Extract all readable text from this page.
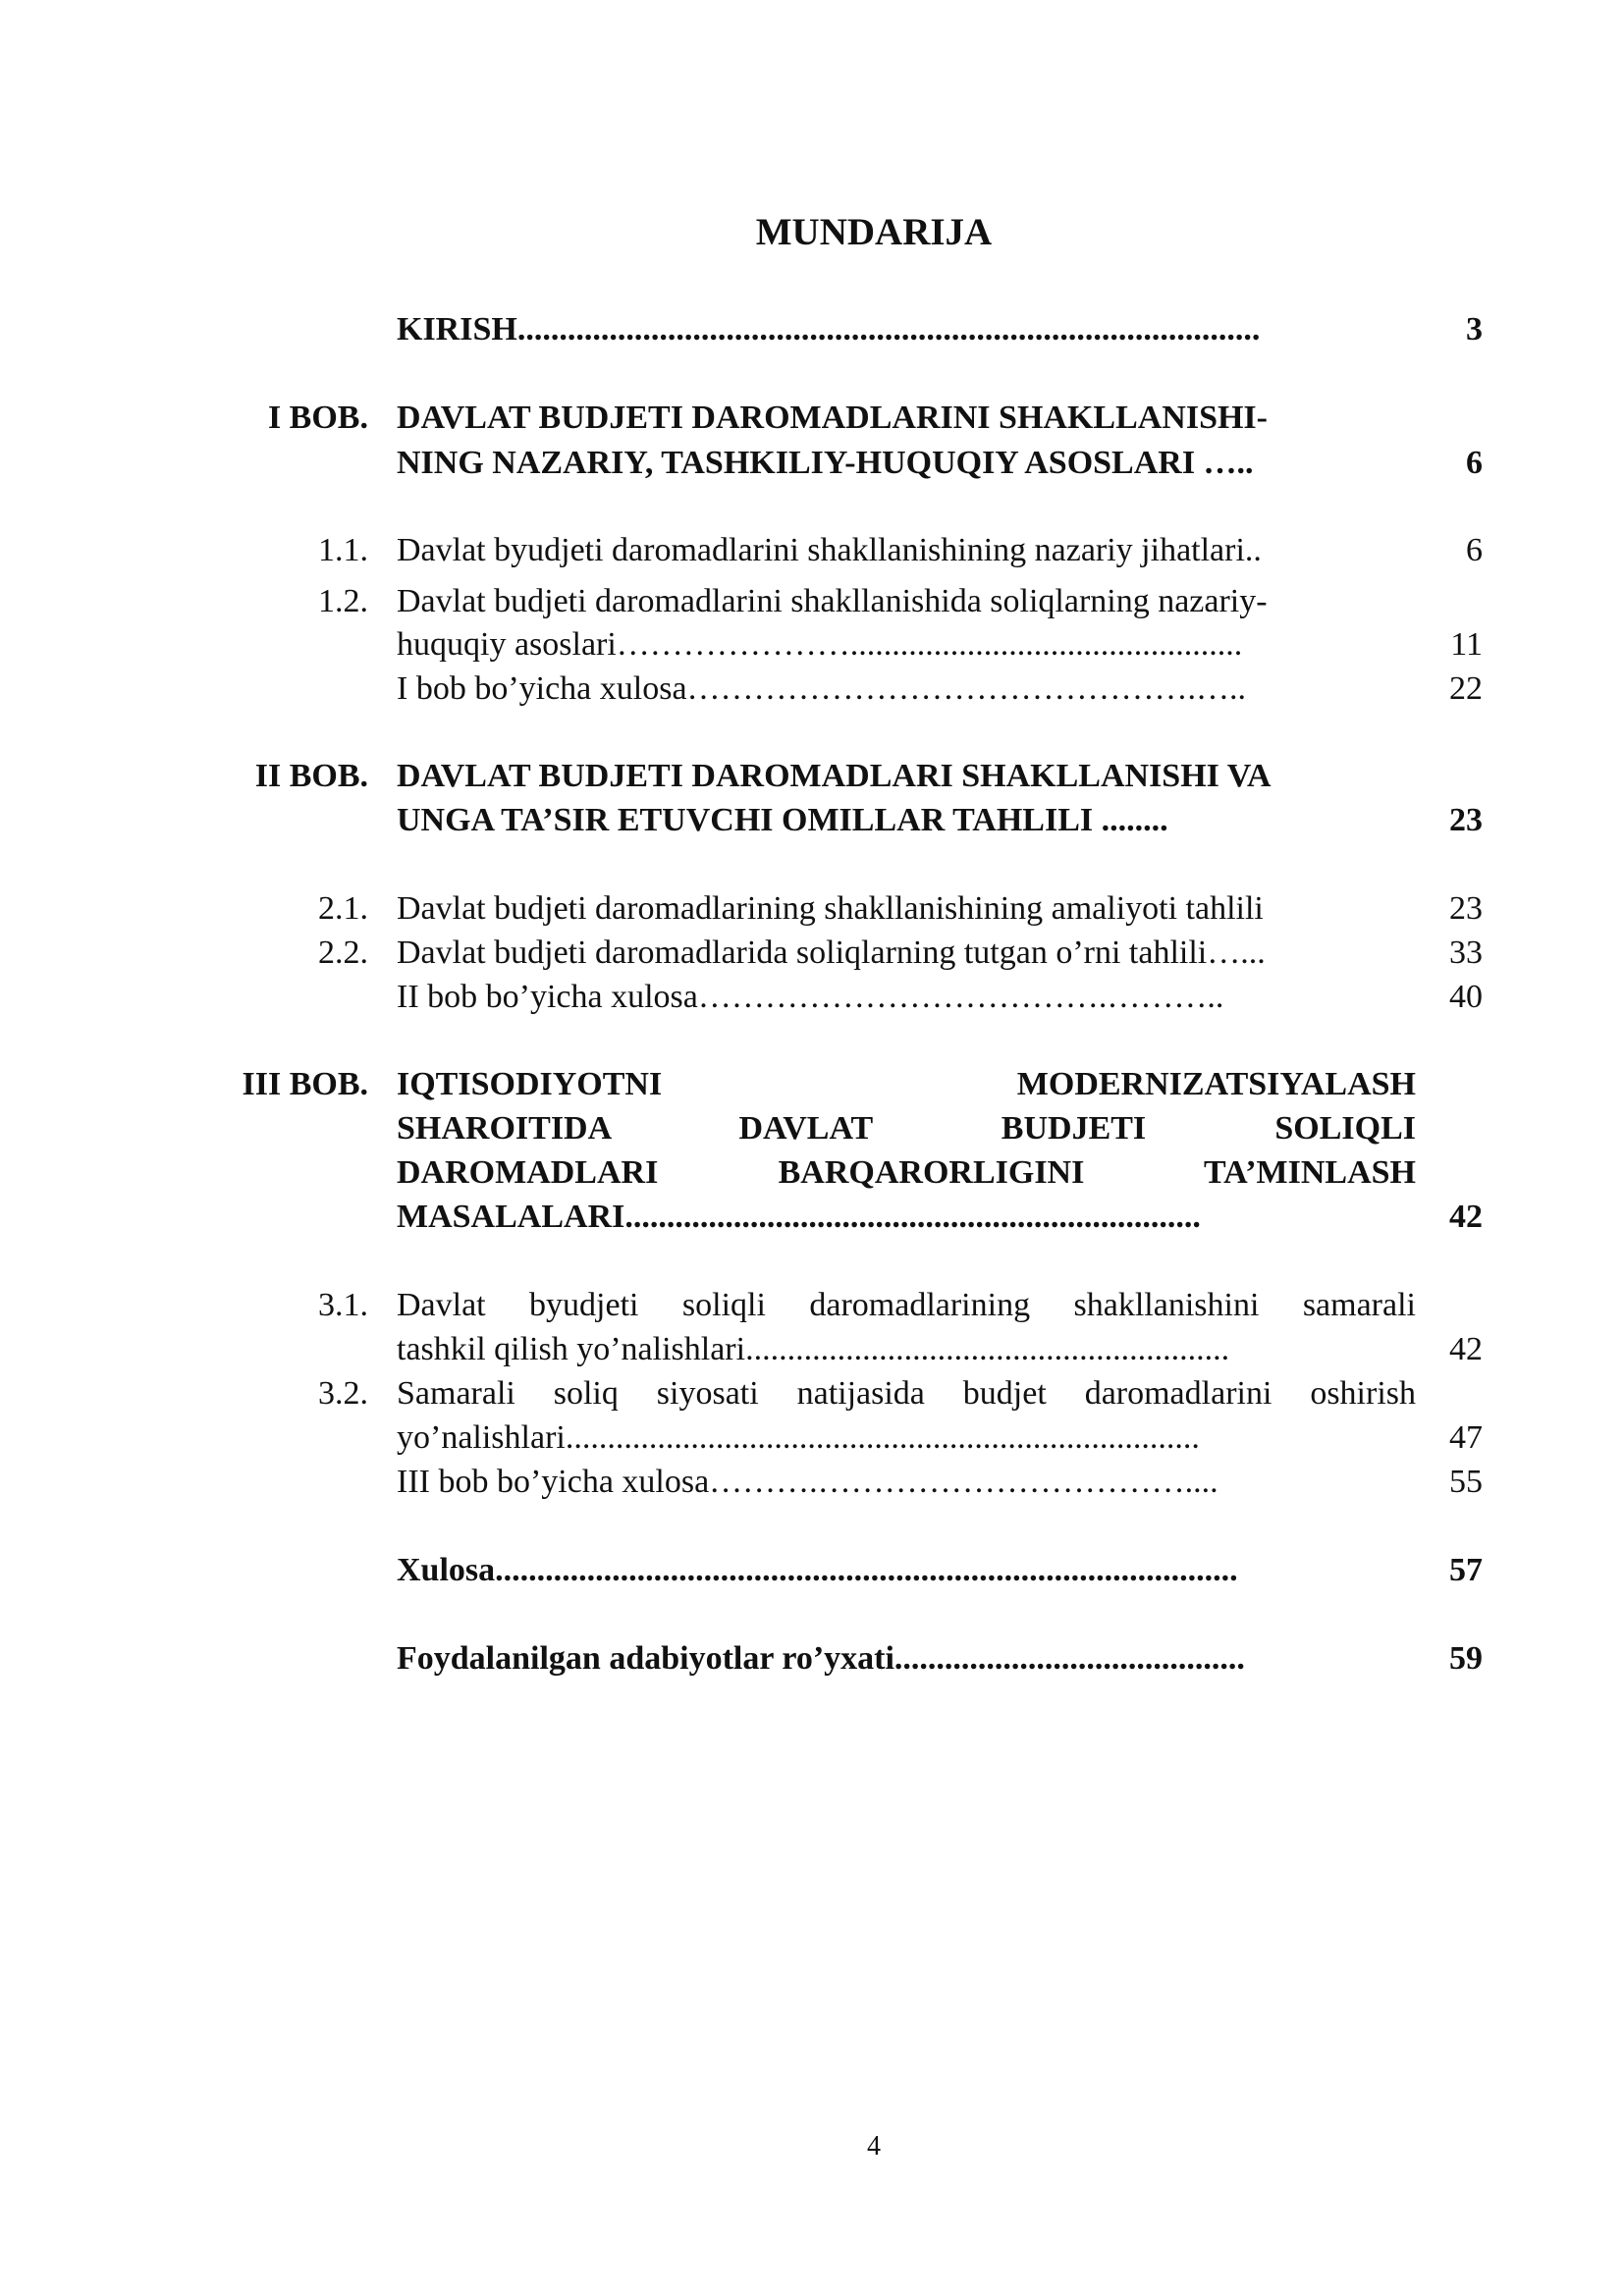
MUNDARIJA
KIRISH.........................................................................................	3
I BOB. DAVLAT BUDJETI DAROMADLARINI SHAKLLANISHI-
NING NAZARIY, TASHKILIY-HUQUQIY ASOSLARI …..	6
1.1. Davlat byudjeti daromadlarini shakllanishining nazariy jihatlari..	6
1.2. Davlat budjeti daromadlarini shakllanishida soliqlarning nazariy-
huquqiy asoslari…………………...............................................	11
I bob bo’yicha xulosa……………………………………….…..	22
II BOB. DAVLAT BUDJETI DAROMADLARI SHAKLLANISHI VA
UNGA TA’SIR ETUVCHI OMILLAR TAHLILI ........	23
2.1. Davlat budjeti daromadlarining shakllanishining amaliyoti tahlili	23
2.2. Davlat budjeti daromadlarida soliqlarning tutgan o’rni tahlili…...	33
II bob bo’yicha xulosa……………………………….………..	40
III BOB. IQTISODIYOTNI MODERNIZATSIYALASH
SHAROITIDA DAVLAT BUDJETI SOLIQLI
DAROMADLARI BARQARORLIGINI TA’MINLASH
MASALALARI.....................................................................	42
3.1. Davlat byudjeti soliqli daromadlarining shakllanishini samarali
tashkil qilish yo’nalishlari..........................................................	42
3.2. Samarali soliq siyosati natijasida budjet daromadlarini oshirish
yo’nalishlari............................................................................	47
III bob bo’yicha xulosa……….……………………………....	55
Xulosa.........................................................................................	57
Foydalanilgan adabiyotlar ro’yxati..........................................	59
4
